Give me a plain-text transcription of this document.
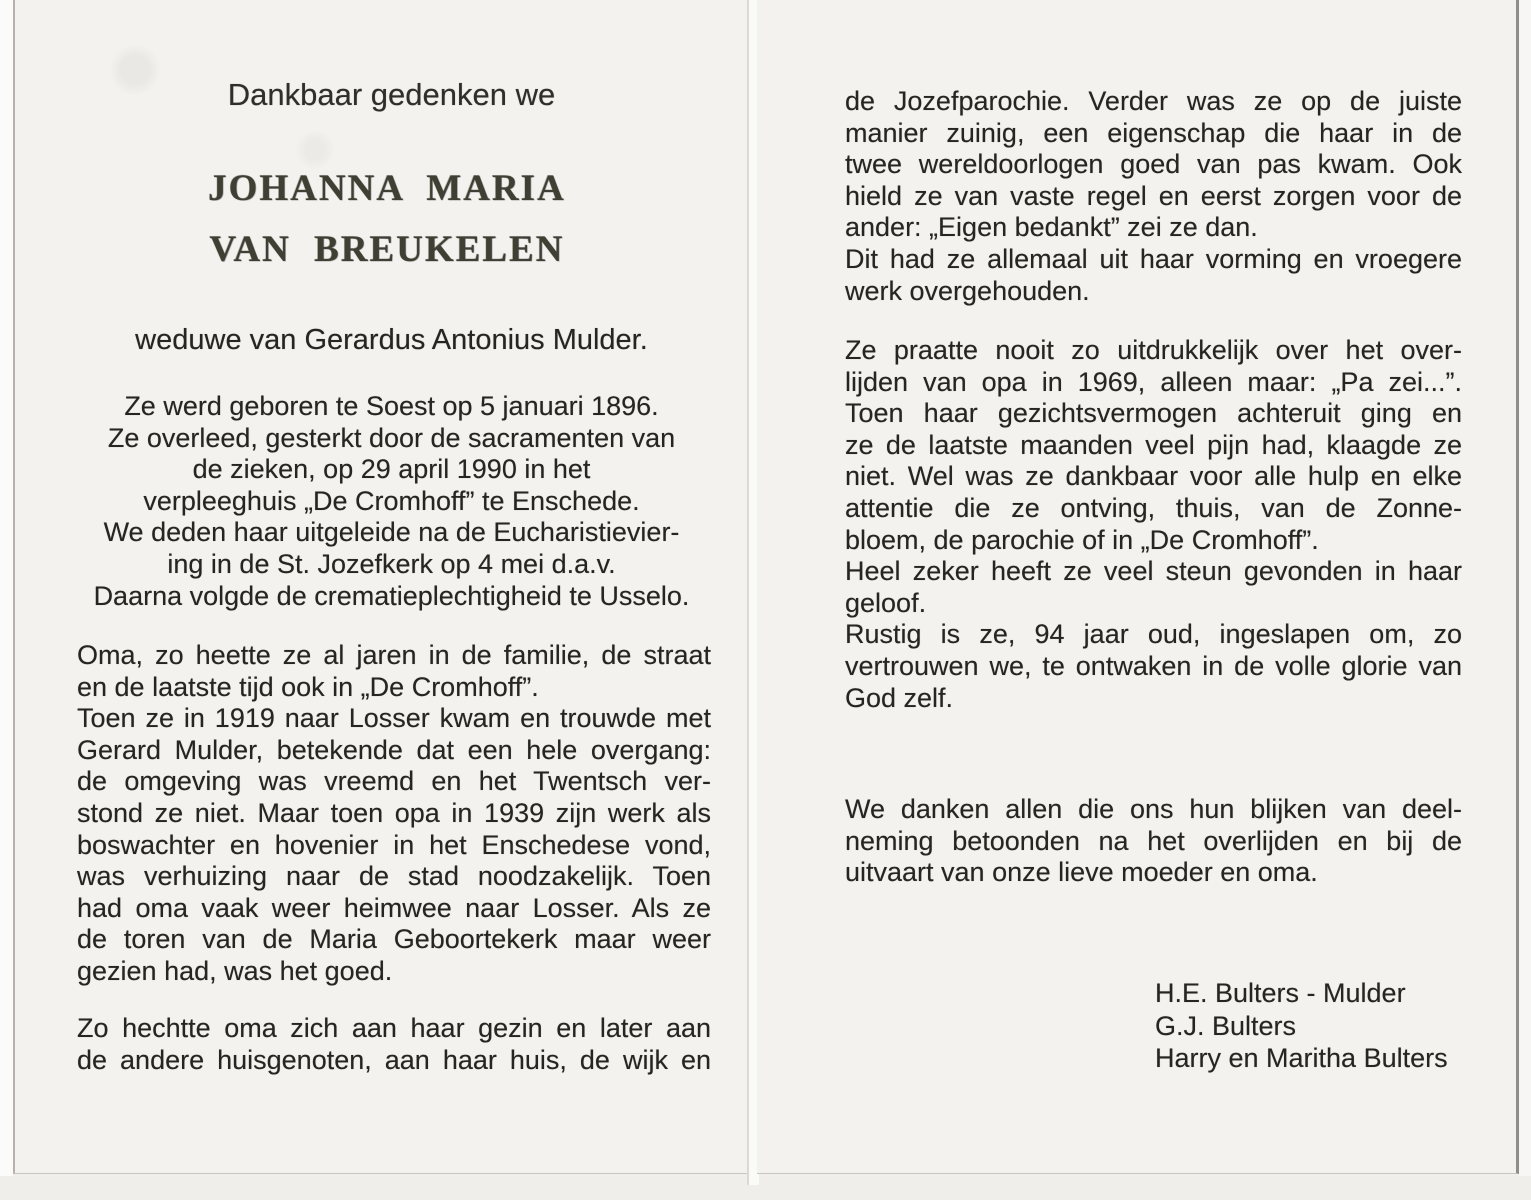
Dankbaar gedenken we
JOHANNA MARIA
VAN BREUKELEN
weduwe van Gerardus Antonius Mulder.
Ze werd geboren te Soest op 5 januari 1896.
Ze overleed, gesterkt door de sacramenten van
de zieken, op 29 april 1990 in het
verpleeghuis „De Cromhoff” te Enschede.
We deden haar uitgeleide na de Eucharistievier-
ing in de St. Jozefkerk op 4 mei d.a.v.
Daarna volgde de crematieplechtigheid te Usselo.
Oma, zo heette ze al jaren in de familie, de straat
en de laatste tijd ook in „De Cromhoff”.
Toen ze in 1919 naar Losser kwam en trouwde met
Gerard Mulder, betekende dat een hele overgang:
de omgeving was vreemd en het Twentsch ver-
stond ze niet. Maar toen opa in 1939 zijn werk als
boswachter en hovenier in het Enschedese vond,
was verhuizing naar de stad noodzakelijk. Toen
had oma vaak weer heimwee naar Losser. Als ze
de toren van de Maria Geboortekerk maar weer
gezien had, was het goed.
Zo hechtte oma zich aan haar gezin en later aan
de andere huisgenoten, aan haar huis, de wijk en
de Jozefparochie. Verder was ze op de juiste
manier zuinig, een eigenschap die haar in de
twee wereldoorlogen goed van pas kwam. Ook
hield ze van vaste regel en eerst zorgen voor de
ander: „Eigen bedankt” zei ze dan.
Dit had ze allemaal uit haar vorming en vroegere
werk overgehouden.
Ze praatte nooit zo uitdrukkelijk over het over-
lijden van opa in 1969, alleen maar: „Pa zei...”.
Toen haar gezichtsvermogen achteruit ging en
ze de laatste maanden veel pijn had, klaagde ze
niet. Wel was ze dankbaar voor alle hulp en elke
attentie die ze ontving, thuis, van de Zonne-
bloem, de parochie of in „De Cromhoff”.
Heel zeker heeft ze veel steun gevonden in haar
geloof.
Rustig is ze, 94 jaar oud, ingeslapen om, zo
vertrouwen we, te ontwaken in de volle glorie van
God zelf.
We danken allen die ons hun blijken van deel-
neming betoonden na het overlijden en bij de
uitvaart van onze lieve moeder en oma.
H.E. Bulters - Mulder
G.J. Bulters
Harry en Maritha Bulters
